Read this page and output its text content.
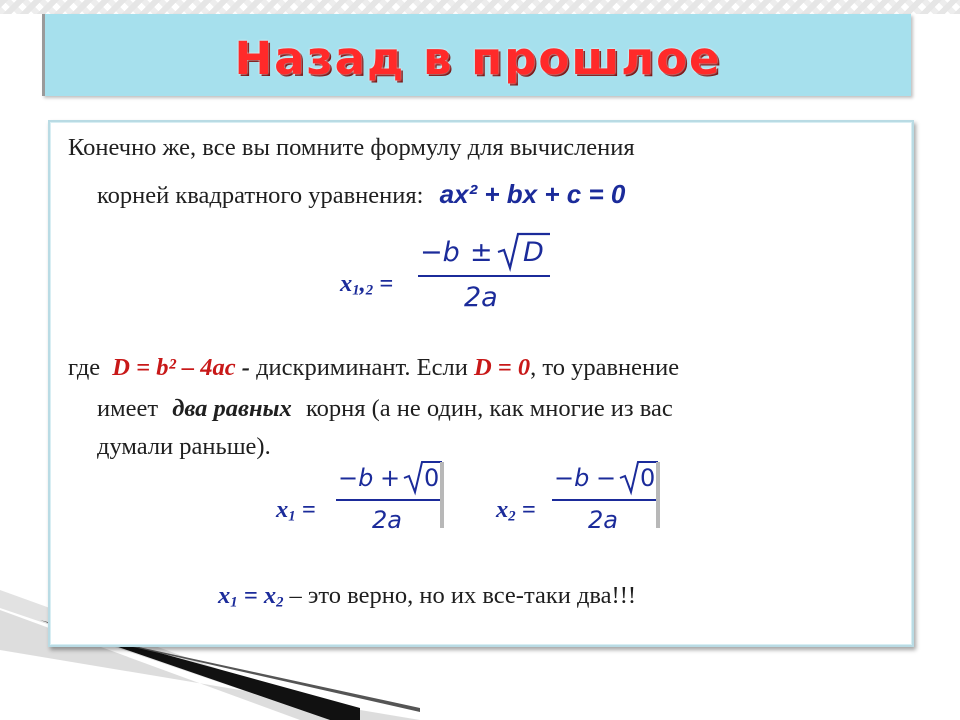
Назад в прошлое
Конечно же, все вы помните формулу для вычисления
корней квадратного уравнения: ax² + bx + c = 0
$x_1,_2$ =
−b ± D
2a
где D = b² – 4ac - дискриминант. Если D = 0, то уравнение
имеет два равных корня (а не один, как многие из вас
думали раньше).
$x_1$ =
−b + 0
2a	$x_2$ =
−b − 0
2a
$x_1 = x_2$ – это верно, но их все-таки два!!!
